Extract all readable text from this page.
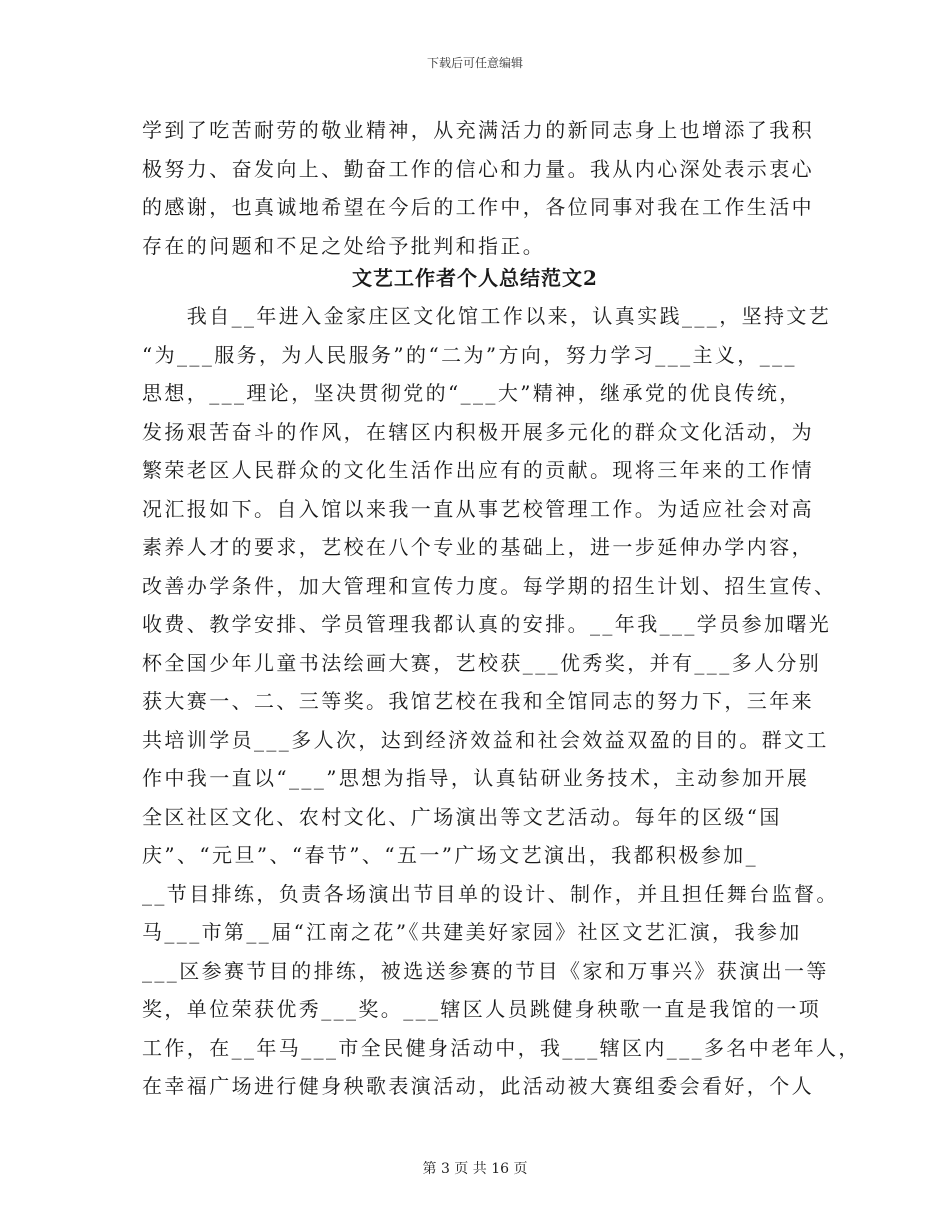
下载后可任意编辑
学到了吃苦耐劳的敬业精神，从充满活力的新同志身上也增添了我积
极努力、奋发向上、勤奋工作的信心和力量。我从内心深处表示衷心
的感谢，也真诚地希望在今后的工作中，各位同事对我在工作生活中
存在的问题和不足之处给予批判和指正。
文艺工作者个人总结范文2
　　我自__年进入金家庄区文化馆工作以来，认真实践___，坚持文艺
“为___服务，为人民服务”的“二为”方向，努力学习___主义，___
思想，___理论，坚决贯彻党的“___大”精神，继承党的优良传统，
发扬艰苦奋斗的作风，在辖区内积极开展多元化的群众文化活动，为
繁荣老区人民群众的文化生活作出应有的贡献。现将三年来的工作情
况汇报如下。自入馆以来我一直从事艺校管理工作。为适应社会对高
素养人才的要求，艺校在八个专业的基础上，进一步延伸办学内容，
改善办学条件，加大管理和宣传力度。每学期的招生计划、招生宣传、
收费、教学安排、学员管理我都认真的安排。__年我___学员参加曙光
杯全国少年儿童书法绘画大赛，艺校获___优秀奖，并有___多人分别
获大赛一、二、三等奖。我馆艺校在我和全馆同志的努力下，三年来
共培训学员___多人次，达到经济效益和社会效益双盈的目的。群文工
作中我一直以“___”思想为指导，认真钻研业务技术，主动参加开展
全区社区文化、农村文化、广场演出等文艺活动。每年的区级“国
庆”、“元旦”、“春节”、“五一”广场文艺演出，我都积极参加_
__节目排练，负责各场演出节目单的设计、制作，并且担任舞台监督。
马___市第__届“江南之花”《共建美好家园》社区文艺汇演，我参加
___区参赛节目的排练，被选送参赛的节目《家和万事兴》获演出一等
奖，单位荣获优秀___奖。___辖区人员跳健身秧歌一直是我馆的一项
工作，在__年马___市全民健身活动中，我___辖区内___多名中老年人，
在幸福广场进行健身秧歌表演活动，此活动被大赛组委会看好，个人
第 3 页 共 16 页
